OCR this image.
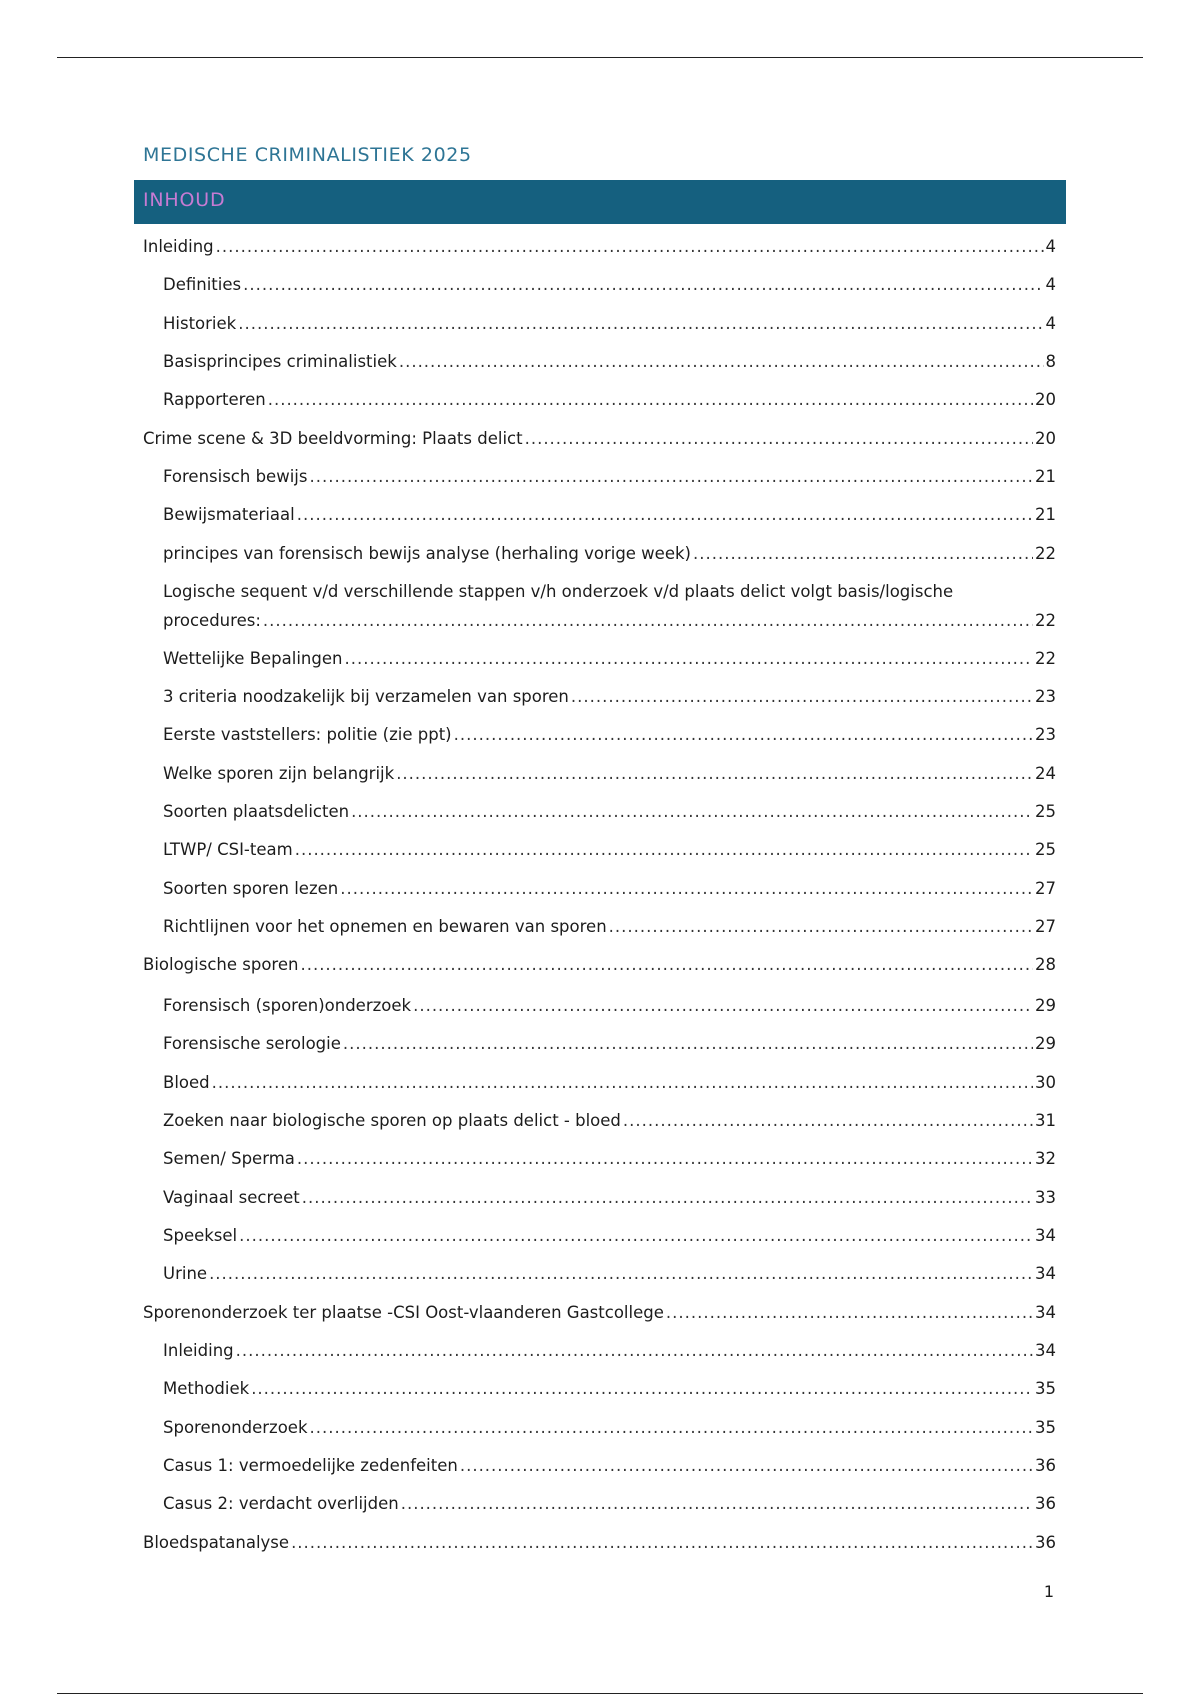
MEDISCHE CRIMINALISTIEK 2025
INHOUD
Inleiding .....	4
Definities .....	4
Historiek .....	4
Basisprincipes criminalistiek .....	8
Rapporteren .....	20
Crime scene & 3D beeldvorming: Plaats delict .....	20
Forensisch bewijs .....	21
Bewijsmateriaal .....	21
principes van forensisch bewijs analyse (herhaling vorige week) .....	22
Logische sequent v/d verschillende stappen v/h onderzoek v/d plaats delict volgt basis/logische
procedures: .....	22
Wettelijke Bepalingen .....	22
3 criteria noodzakelijk bij verzamelen van sporen .....	23
Eerste vaststellers: politie (zie ppt) .....	23
Welke sporen zijn belangrijk .....	24
Soorten plaatsdelicten .....	25
LTWP/ CSI-team .....	25
Soorten sporen lezen .....	27
Richtlijnen voor het opnemen en bewaren van sporen .....	27
Biologische sporen .....	28
Forensisch (sporen)onderzoek .....	29
Forensische serologie .....	29
Bloed .....	30
Zoeken naar biologische sporen op plaats delict - bloed .....	31
Semen/ Sperma .....	32
Vaginaal secreet .....	33
Speeksel .....	34
Urine .....	34
Sporenonderzoek ter plaatse -CSI Oost-vlaanderen Gastcollege .....	34
Inleiding .....	34
Methodiek .....	35
Sporenonderzoek .....	35
Casus 1: vermoedelijke zedenfeiten .....	36
Casus 2: verdacht overlijden .....	36
Bloedspatanalyse .....	36
1
